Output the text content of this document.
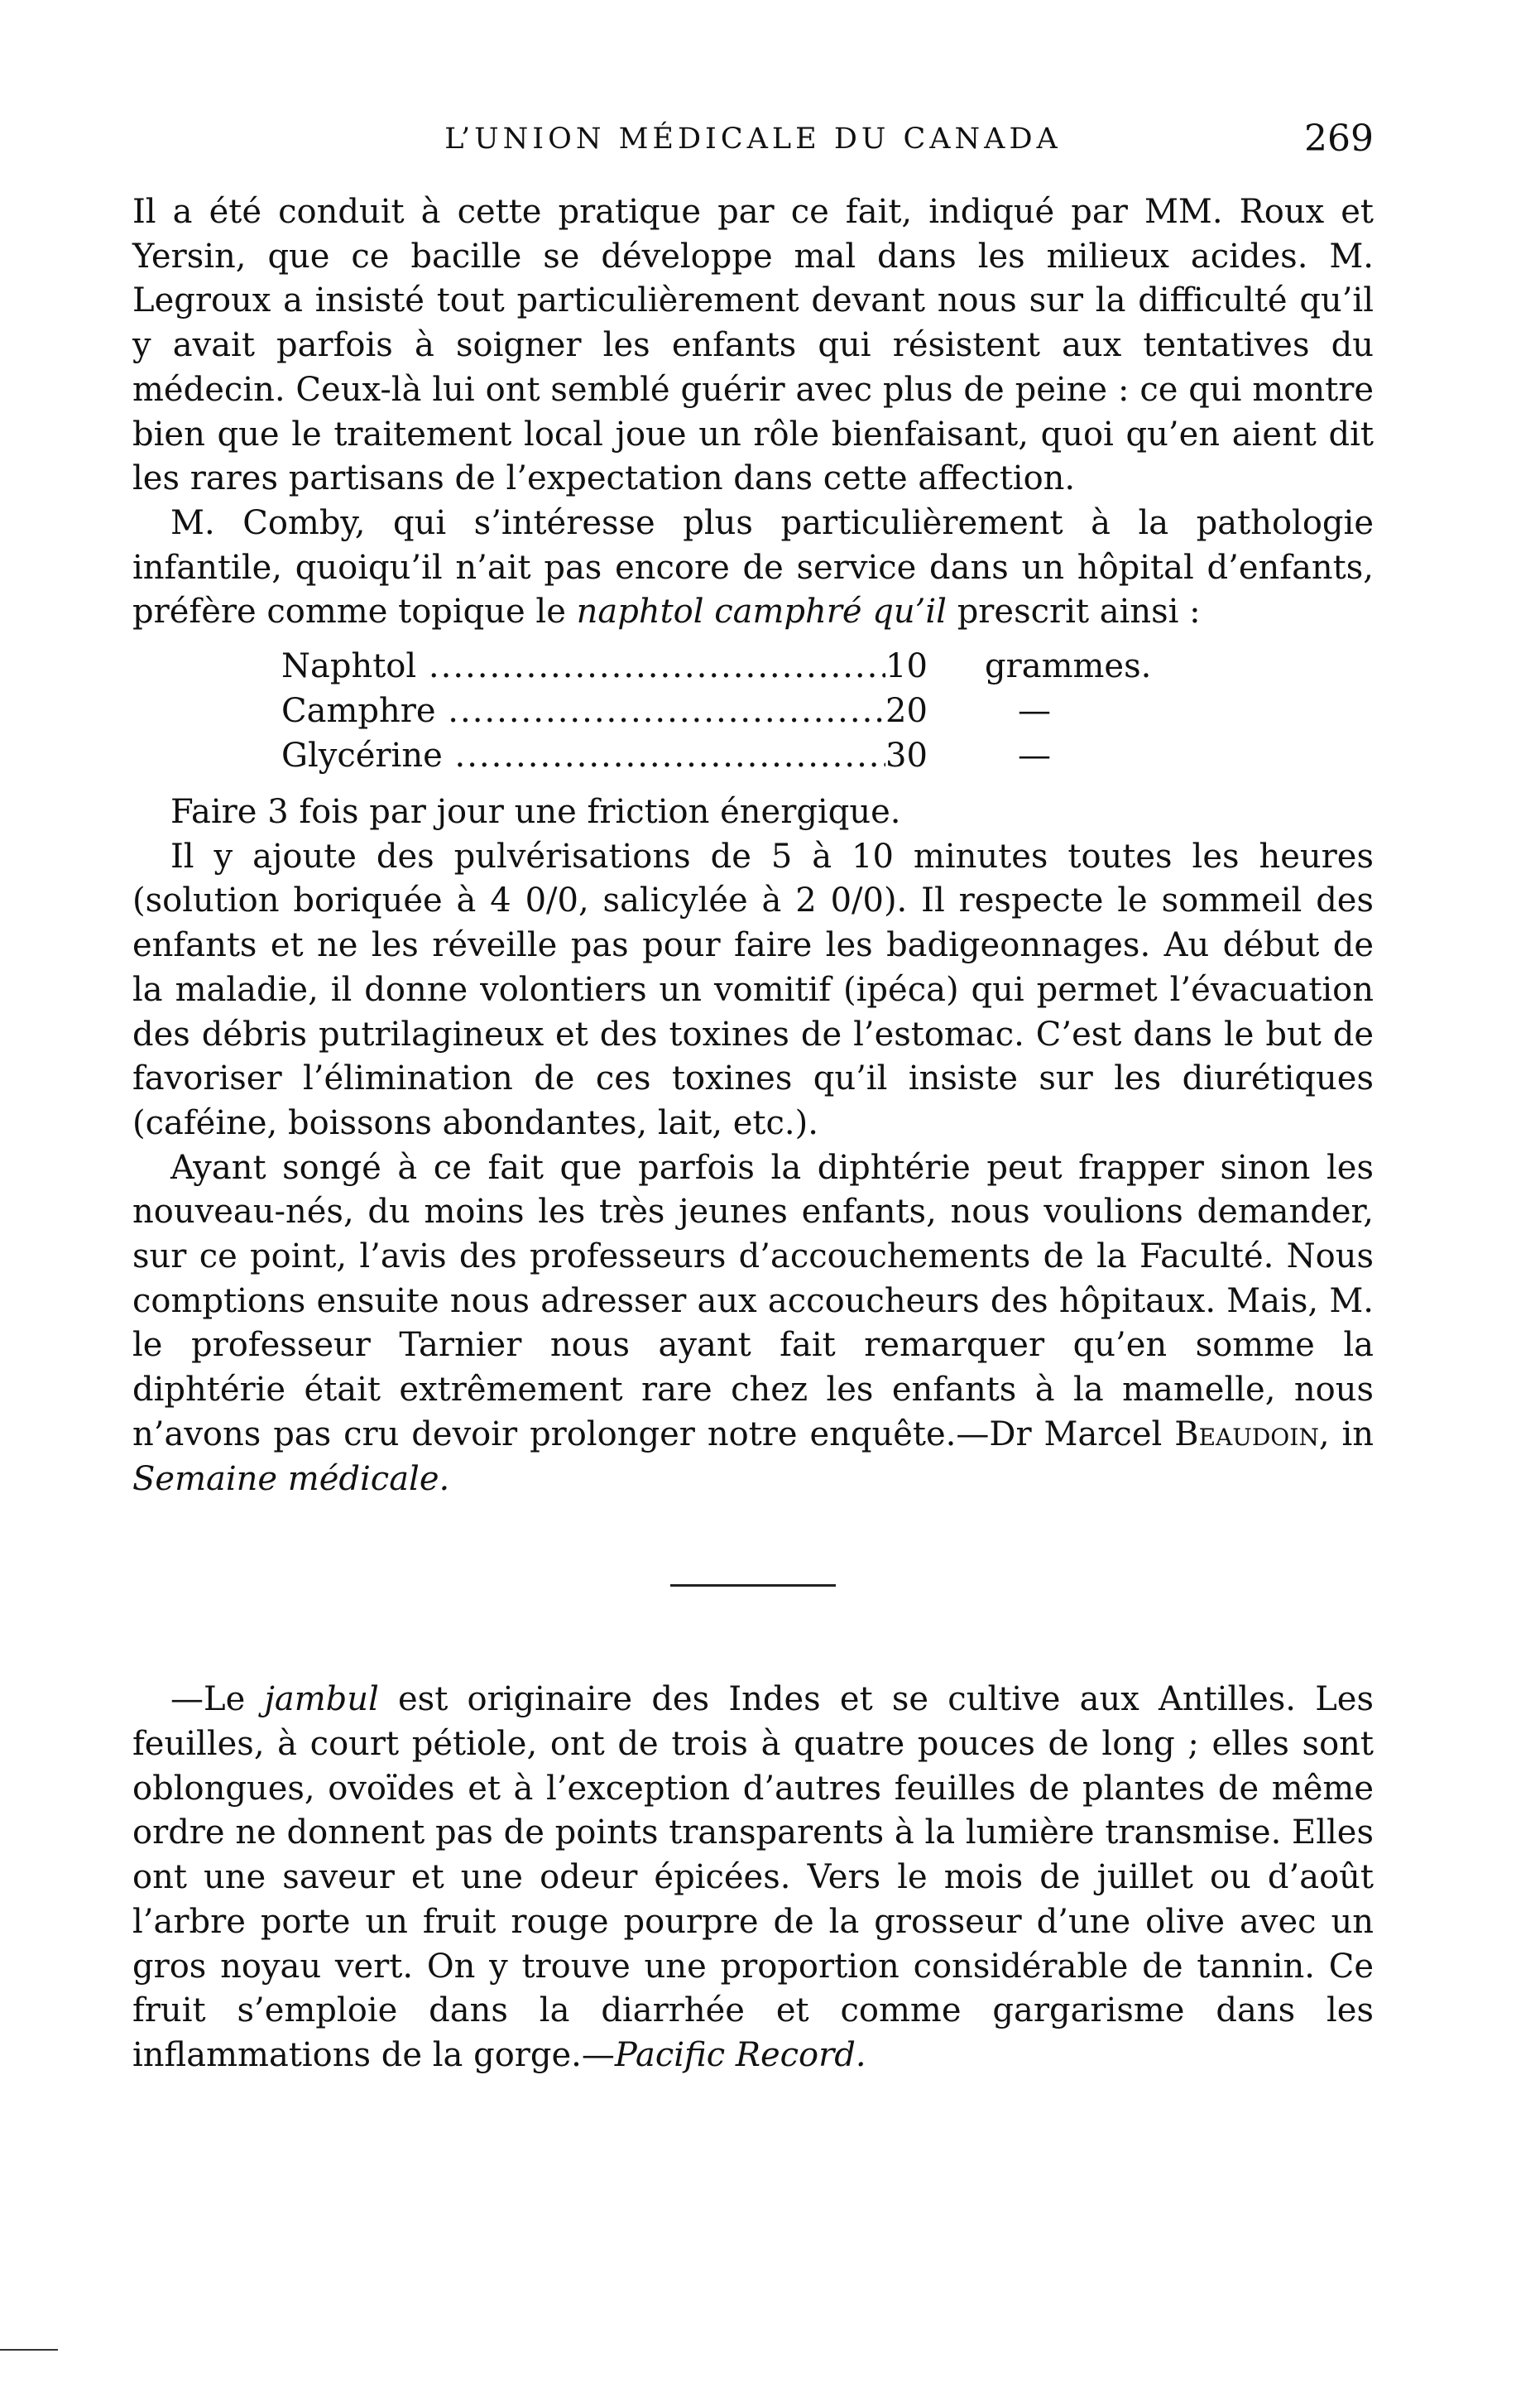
L’UNION MÉDICALE DU CANADA	269

Il a été conduit à cette pratique par ce fait, indiqué par MM. Roux et Yersin, que ce bacille se développe mal dans les milieux acides. M. Legroux a insisté tout particulièrement devant nous sur la difficulté qu’il y avait parfois à soigner les enfants qui résistent aux tentatives du médecin. Ceux-là lui ont semblé guérir avec plus de peine : ce qui montre bien que le traitement local joue un rôle bienfaisant, quoi qu’en aient dit les rares partisans de l’expectation dans cette affection.

M. Comby, qui s’intéresse plus particulièrement à la pathologie infantile, quoiqu’il n’ait pas encore de service dans un hôpital d’enfants, préfère comme topique le naphtol camphré qu’il prescrit ainsi :

Naphtol .....	10	grammes.
Camphre .....	20	—
Glycérine .....	30	—

Faire 3 fois par jour une friction énergique.

Il y ajoute des pulvérisations de 5 à 10 minutes toutes les heures (solution boriquée à 4 0/0, salicylée à 2 0/0). Il respecte le sommeil des enfants et ne les réveille pas pour faire les badigeonnages. Au début de la maladie, il donne volontiers un vomitif (ipéca) qui permet l’évacuation des débris putrilagineux et des toxines de l’estomac. C’est dans le but de favoriser l’élimination de ces toxines qu’il insiste sur les diurétiques (caféine, boissons abondantes, lait, etc.).

Ayant songé à ce fait que parfois la diphtérie peut frapper sinon les nouveau-nés, du moins les très jeunes enfants, nous voulions demander, sur ce point, l’avis des professeurs d’accouchements de la Faculté. Nous comptions ensuite nous adresser aux accoucheurs des hôpitaux. Mais, M. le professeur Tarnier nous ayant fait remarquer qu’en somme la diphtérie était extrêmement rare chez les enfants à la mamelle, nous n’avons pas cru devoir prolonger notre enquête.—Dr Marcel Beaudoin, in Semaine médicale.

—Le jambul est originaire des Indes et se cultive aux Antilles. Les feuilles, à court pétiole, ont de trois à quatre pouces de long ; elles sont oblongues, ovoïdes et à l’exception d’autres feuilles de plantes de même ordre ne donnent pas de points transparents à la lumière transmise. Elles ont une saveur et une odeur épicées. Vers le mois de juillet ou d’août l’arbre porte un fruit rouge pourpre de la grosseur d’une olive avec un gros noyau vert. On y trouve une proportion considérable de tannin. Ce fruit s’emploie dans la diarrhée et comme gargarisme dans les inflammations de la gorge.—Pacific Record.
